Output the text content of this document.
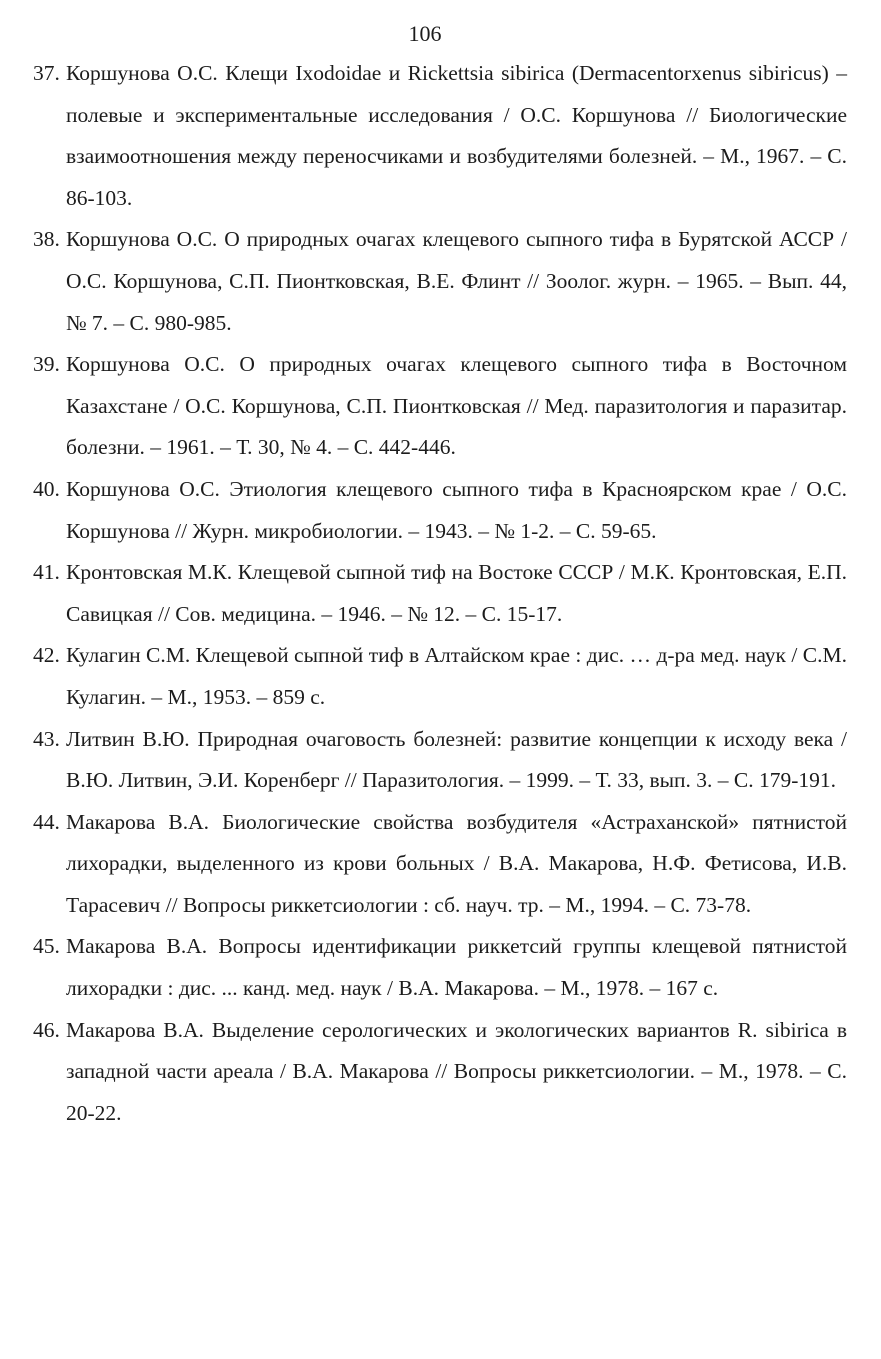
106
37. Коршунова О.С. Клещи Ixodoidae и Rickettsia sibirica (Dermacentorxenus sibiricus) – полевые и экспериментальные исследования / О.С. Коршунова // Биологические взаимоотношения между переносчиками и возбудителями болезней. – М., 1967. – С. 86-103.
38. Коршунова О.С. О природных очагах клещевого сыпного тифа в Бурятской АССР / О.С. Коршунова, С.П. Пионтковская, В.Е. Флинт // Зоолог. журн. – 1965. – Вып. 44, № 7. – С. 980-985.
39. Коршунова О.С. О природных очагах клещевого сыпного тифа в Восточном Казахстане / О.С. Коршунова, С.П. Пионтковская // Мед. паразитология и паразитар. болезни. – 1961. – Т. 30, № 4. – С. 442-446.
40. Коршунова О.С. Этиология клещевого сыпного тифа в Красноярском крае / О.С. Коршунова // Журн. микробиологии. – 1943. – № 1-2. – С. 59-65.
41. Кронтовская М.К. Клещевой сыпной тиф на Востоке СССР / М.К. Кронтовская, Е.П. Савицкая // Сов. медицина. – 1946. – № 12. – С. 15-17.
42. Кулагин С.М. Клещевой сыпной тиф в Алтайском крае : дис. … д-ра мед. наук / С.М. Кулагин. – М., 1953. – 859 с.
43. Литвин В.Ю. Природная очаговость болезней: развитие концепции к исходу века / В.Ю. Литвин, Э.И. Коренберг // Паразитология. – 1999. – Т. 33, вып. 3. – С. 179-191.
44. Макарова В.А. Биологические свойства возбудителя «Астраханской» пятнистой лихорадки, выделенного из крови больных / В.А. Макарова, Н.Ф. Фетисова, И.В. Тарасевич // Вопросы риккетсиологии : сб. науч. тр. – М., 1994. – С. 73-78.
45. Макарова В.А. Вопросы идентификации риккетсий группы клещевой пятнистой лихорадки : дис. ... канд. мед. наук / В.А. Макарова. – М., 1978. – 167 с.
46. Макарова В.А. Выделение серологических и экологических вариантов R. sibirica в западной части ареала / В.А. Макарова // Вопросы риккетсиологии. – М., 1978. – С. 20-22.
